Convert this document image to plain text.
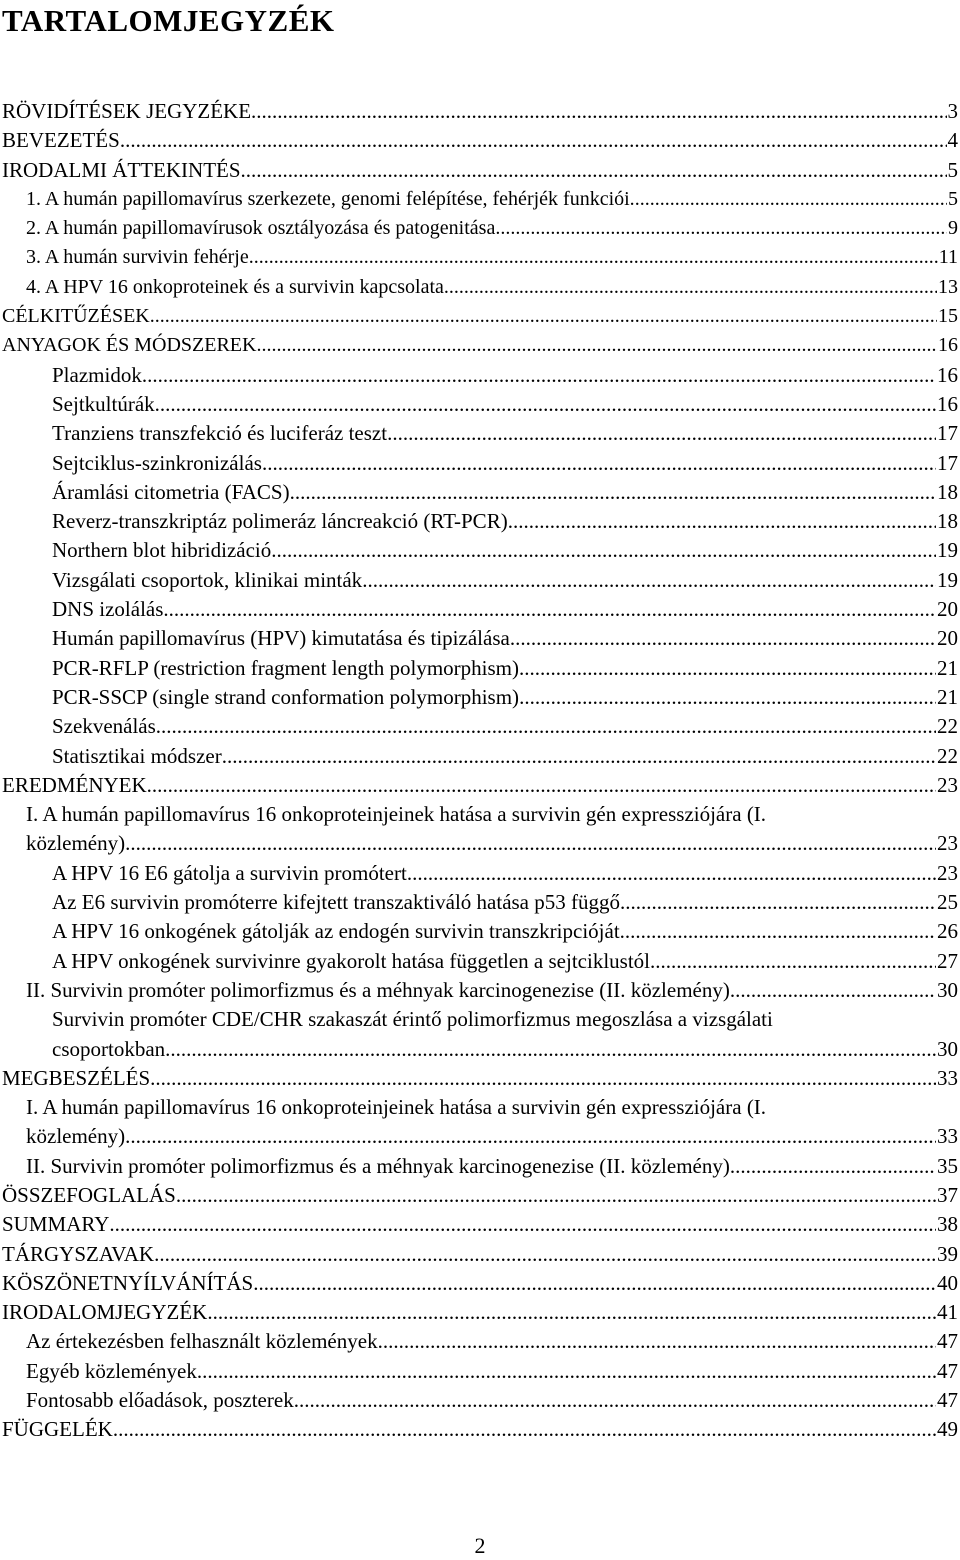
TARTALOMJEGYZÉK
RÖVIDÍTÉSEK JEGYZÉKE .....	3
BEVEZETÉS .....	4
IRODALMI ÁTTEKINTÉS .....	5
1. A humán papillomavírus szerkezete, genomi felépítése, fehérjék funkciói. .....	5
2. A humán papillomavírusok osztályozása és patogenitása .....	9
3. A humán survivin fehérje .....	11
4. A HPV 16 onkoproteinek és a survivin kapcsolata .....	13
CÉLKITŰZÉSEK .....	15
ANYAGOK ÉS MÓDSZEREK .....	16
Plazmidok .....	16
Sejtkultúrák .....	16
Tranziens transzfekció és luciferáz teszt .....	17
Sejtciklus-szinkronizálás .....	17
Áramlási citometria (FACS) .....	18
Reverz-transzkriptáz polimeráz láncreakció (RT-PCR) .....	18
Northern blot hibridizáció .....	19
Vizsgálati csoportok, klinikai minták .....	19
DNS izolálás .....	20
Humán papillomavírus (HPV) kimutatása és tipizálása .....	20
PCR-RFLP (restriction fragment length polymorphism) .....	21
PCR-SSCP (single strand conformation polymorphism) .....	21
Szekvenálás .....	22
Statisztikai módszer .....	22
EREDMÉNYEK .....	23
I. A humán papillomavírus 16 onkoproteinjeinek hatása a survivin gén expressziójára (I.
közlemény) .....	23
A HPV 16 E6 gátolja a survivin promótert .....	23
Az E6 survivin promóterre kifejtett transzaktiváló hatása p53 függő .....	25
A HPV 16 onkogének gátolják az endogén survivin transzkripcióját .....	26
A HPV onkogének survivinre gyakorolt hatása független a sejtciklustól .....	27
II. Survivin promóter polimorfizmus és a méhnyak karcinogenezise (II. közlemény) .....	30
Survivin promóter CDE/CHR szakaszát érintő polimorfizmus megoszlása a vizsgálati
csoportokban .....	30
MEGBESZÉLÉS .....	33
I. A humán papillomavírus 16 onkoproteinjeinek hatása a survivin gén expressziójára (I.
közlemény) .....	33
II. Survivin promóter polimorfizmus és a méhnyak karcinogenezise (II. közlemény) .....	35
ÖSSZEFOGLALÁS .....	37
SUMMARY .....	38
TÁRGYSZAVAK .....	39
KÖSZÖNETNYÍLVÁNÍTÁS .....	40
IRODALOMJEGYZÉK .....	41
Az értekezésben felhasznált közlemények .....	47
Egyéb közlemények .....	47
Fontosabb előadások, poszterek .....	47
FÜGGELÉK .....	49
2
